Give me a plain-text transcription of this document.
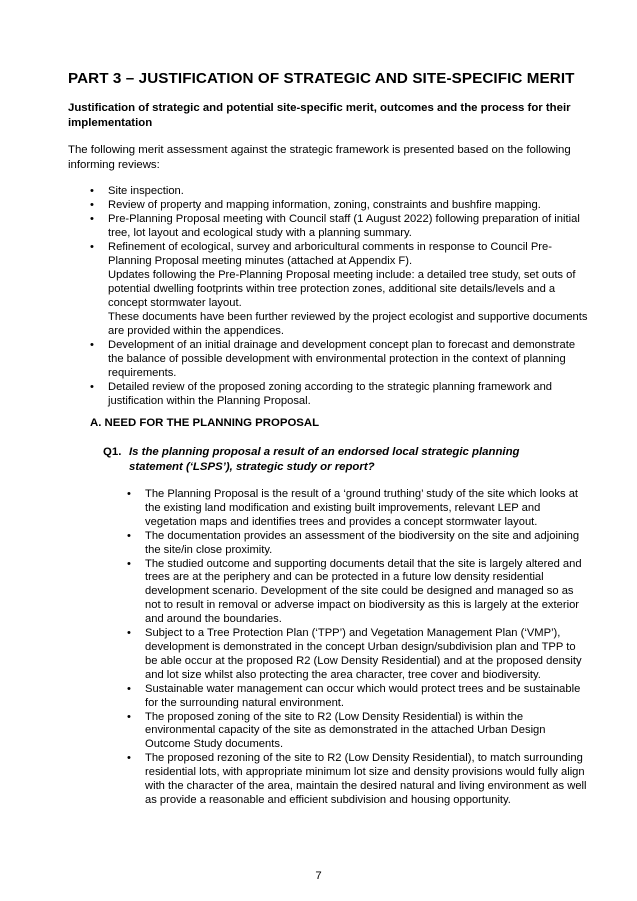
PART 3 – JUSTIFICATION OF STRATEGIC AND SITE-SPECIFIC MERIT

Justification of strategic and potential site-specific merit, outcomes and the process for their implementation

The following merit assessment against the strategic framework is presented based on the following informing reviews:

• Site inspection.
• Review of property and mapping information, zoning, constraints and bushfire mapping.
• Pre-Planning Proposal meeting with Council staff (1 August 2022) following preparation of initial tree, lot layout and ecological study with a planning summary.
• Refinement of ecological, survey and arboricultural comments in response to Council Pre-Planning Proposal meeting minutes (attached at Appendix F).
Updates following the Pre-Planning Proposal meeting include: a detailed tree study, set outs of potential dwelling footprints within tree protection zones, additional site details/levels and a concept stormwater layout.
These documents have been further reviewed by the project ecologist and supportive documents are provided within the appendices.
• Development of an initial drainage and development concept plan to forecast and demonstrate the balance of possible development with environmental protection in the context of planning requirements.
• Detailed review of the proposed zoning according to the strategic planning framework and justification within the Planning Proposal.

A. NEED FOR THE PLANNING PROPOSAL

Q1. Is the planning proposal a result of an endorsed local strategic planning statement (‘LSPS’), strategic study or report?
• The Planning Proposal is the result of a ‘ground truthing’ study of the site which looks at the existing land modification and existing built improvements, relevant LEP and vegetation maps and identifies trees and provides a concept stormwater layout.
• The documentation provides an assessment of the biodiversity on the site and adjoining the site/in close proximity.
• The studied outcome and supporting documents detail that the site is largely altered and trees are at the periphery and can be protected in a future low density residential development scenario. Development of the site could be designed and managed so as not to result in removal or adverse impact on biodiversity as this is largely at the exterior and around the boundaries.
• Subject to a Tree Protection Plan (‘TPP’) and Vegetation Management Plan (‘VMP’), development is demonstrated in the concept Urban design/subdivision plan and TPP to be able occur at the proposed R2 (Low Density Residential) and at the proposed density and lot size whilst also protecting the area character, tree cover and biodiversity.
• Sustainable water management can occur which would protect trees and be sustainable for the surrounding natural environment.
• The proposed zoning of the site to R2 (Low Density Residential) is within the environmental capacity of the site as demonstrated in the attached Urban Design Outcome Study documents.
• The proposed rezoning of the site to R2 (Low Density Residential), to match surrounding residential lots, with appropriate minimum lot size and density provisions would fully align with the character of the area, maintain the desired natural and living environment as well as provide a reasonable and efficient subdivision and housing opportunity.
7
